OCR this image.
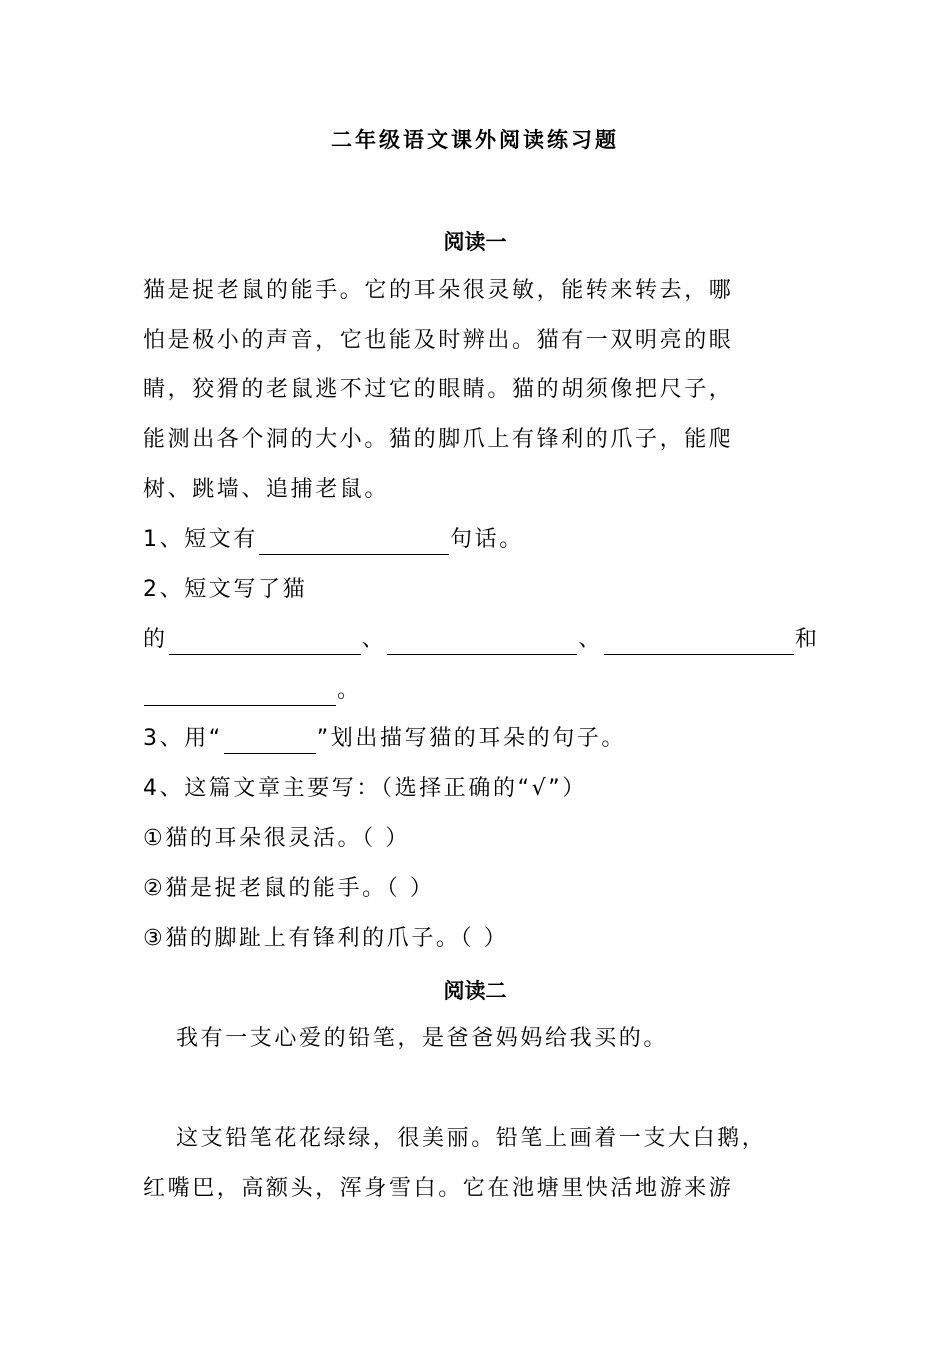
二年级语文课外阅读练习题
阅读一
猫是捉老鼠的能手。它的耳朵很灵敏，能转来转去，哪
怕是极小的声音，它也能及时辨出。猫有一双明亮的眼
睛，狡猾的老鼠逃不过它的眼睛。猫的胡须像把尺子，
能测出各个洞的大小。猫的脚爪上有锋利的爪子，能爬
树、跳墙、追捕老鼠。
1、短文有	句话。
2、短文写了猫
的	、	、	和
。
3、用“	”划出描写猫的耳朵的句子。
4、这篇文章主要写：（选择正确的“√”）
①猫的耳朵很灵活。（ ）
②猫是捉老鼠的能手。（ ）
③猫的脚趾上有锋利的爪子。（ ）
阅读二
我有一支心爱的铅笔，是爸爸妈妈给我买的。
这支铅笔花花绿绿，很美丽。铅笔上画着一支大白鹅，
红嘴巴，高额头，浑身雪白。它在池塘里快活地游来游
